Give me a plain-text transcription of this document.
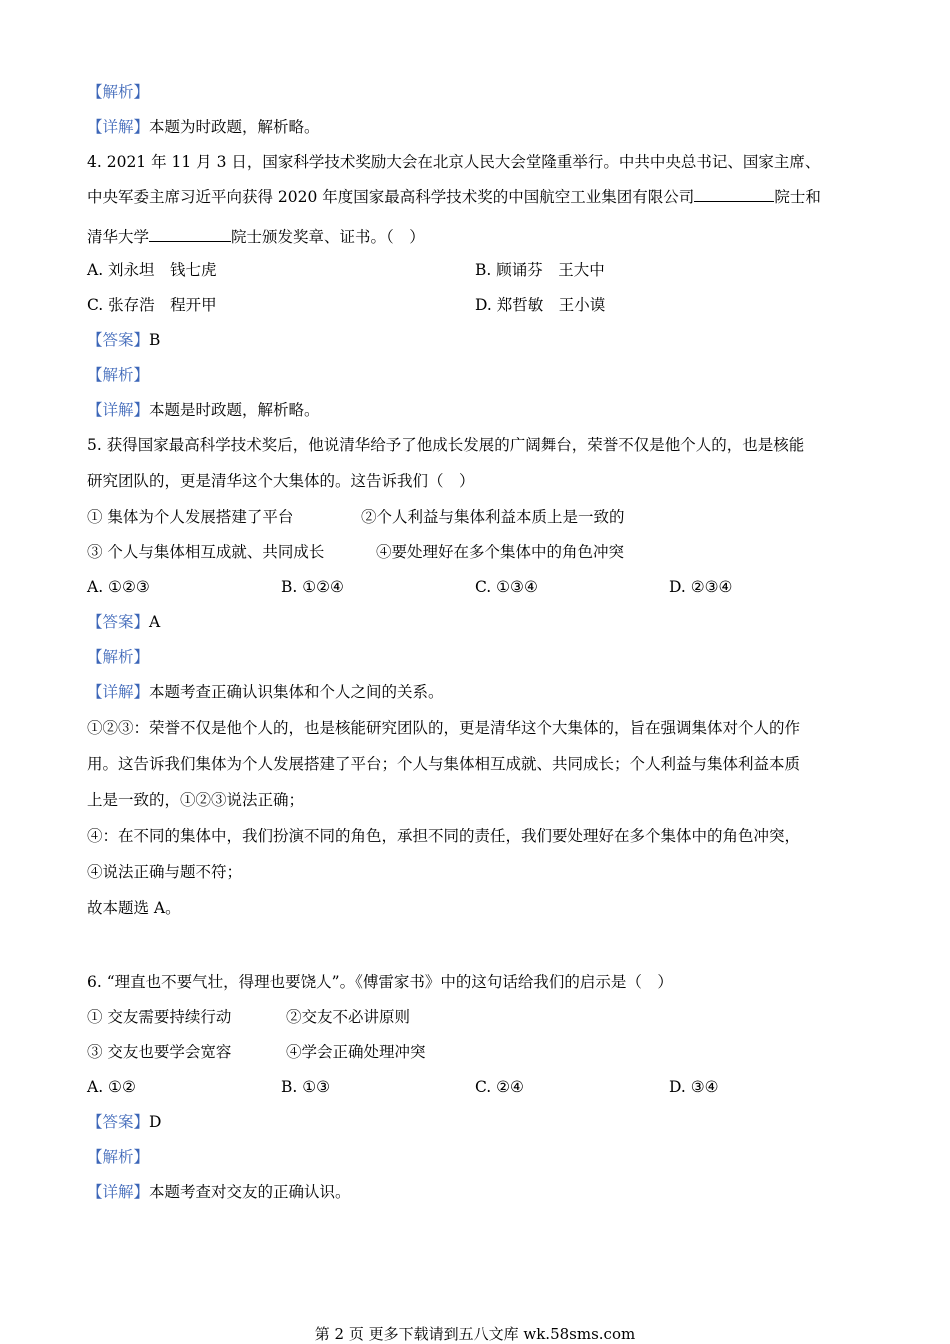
【解析】
【详解】本题为时政题，解析略。
4. 2021 年 11 月 3 日，国家科学技术奖励大会在北京人民大会堂隆重举行。中共中央总书记、国家主席、
中央军委主席习近平向获得 2020 年度国家最高科学技术奖的中国航空工业集团有限公司	院士和
清华大学	院士颁发奖章、证书。（　）
A. 刘永坦　钱七虎	B. 顾诵芬　王大中
C. 张存浩　程开甲	D. 郑哲敏　王小谟
【答案】B
【解析】
【详解】本题是时政题，解析略。
5. 获得国家最高科学技术奖后，他说清华给予了他成长发展的广阔舞台，荣誉不仅是他个人的，也是核能
研究团队的，更是清华这个大集体的。这告诉我们（　）
① 集体为个人发展搭建了平台	②个人利益与集体利益本质上是一致的
③ 个人与集体相互成就、共同成长	④要处理好在多个集体中的角色冲突
A. ①②③	B. ①②④	C. ①③④	D. ②③④
【答案】A
【解析】
【详解】本题考查正确认识集体和个人之间的关系。
①②③：荣誉不仅是他个人的，也是核能研究团队的，更是清华这个大集体的，旨在强调集体对个人的作
用。这告诉我们集体为个人发展搭建了平台；个人与集体相互成就、共同成长；个人利益与集体利益本质
上是一致的，①②③说法正确；
④：在不同的集体中，我们扮演不同的角色，承担不同的责任，我们要处理好在多个集体中的角色冲突，
④说法正确与题不符；
故本题选 A。
6. “理直也不要气壮，得理也要饶人”。《傅雷家书》中的这句话给我们的启示是（　）
① 交友需要持续行动	②交友不必讲原则
③ 交友也要学会宽容	④学会正确处理冲突
A. ①②	B. ①③	C. ②④	D. ③④
【答案】D
【解析】
【详解】本题考查对交友的正确认识。
第 2 页 更多下载请到五八文库 wk.58sms.com
